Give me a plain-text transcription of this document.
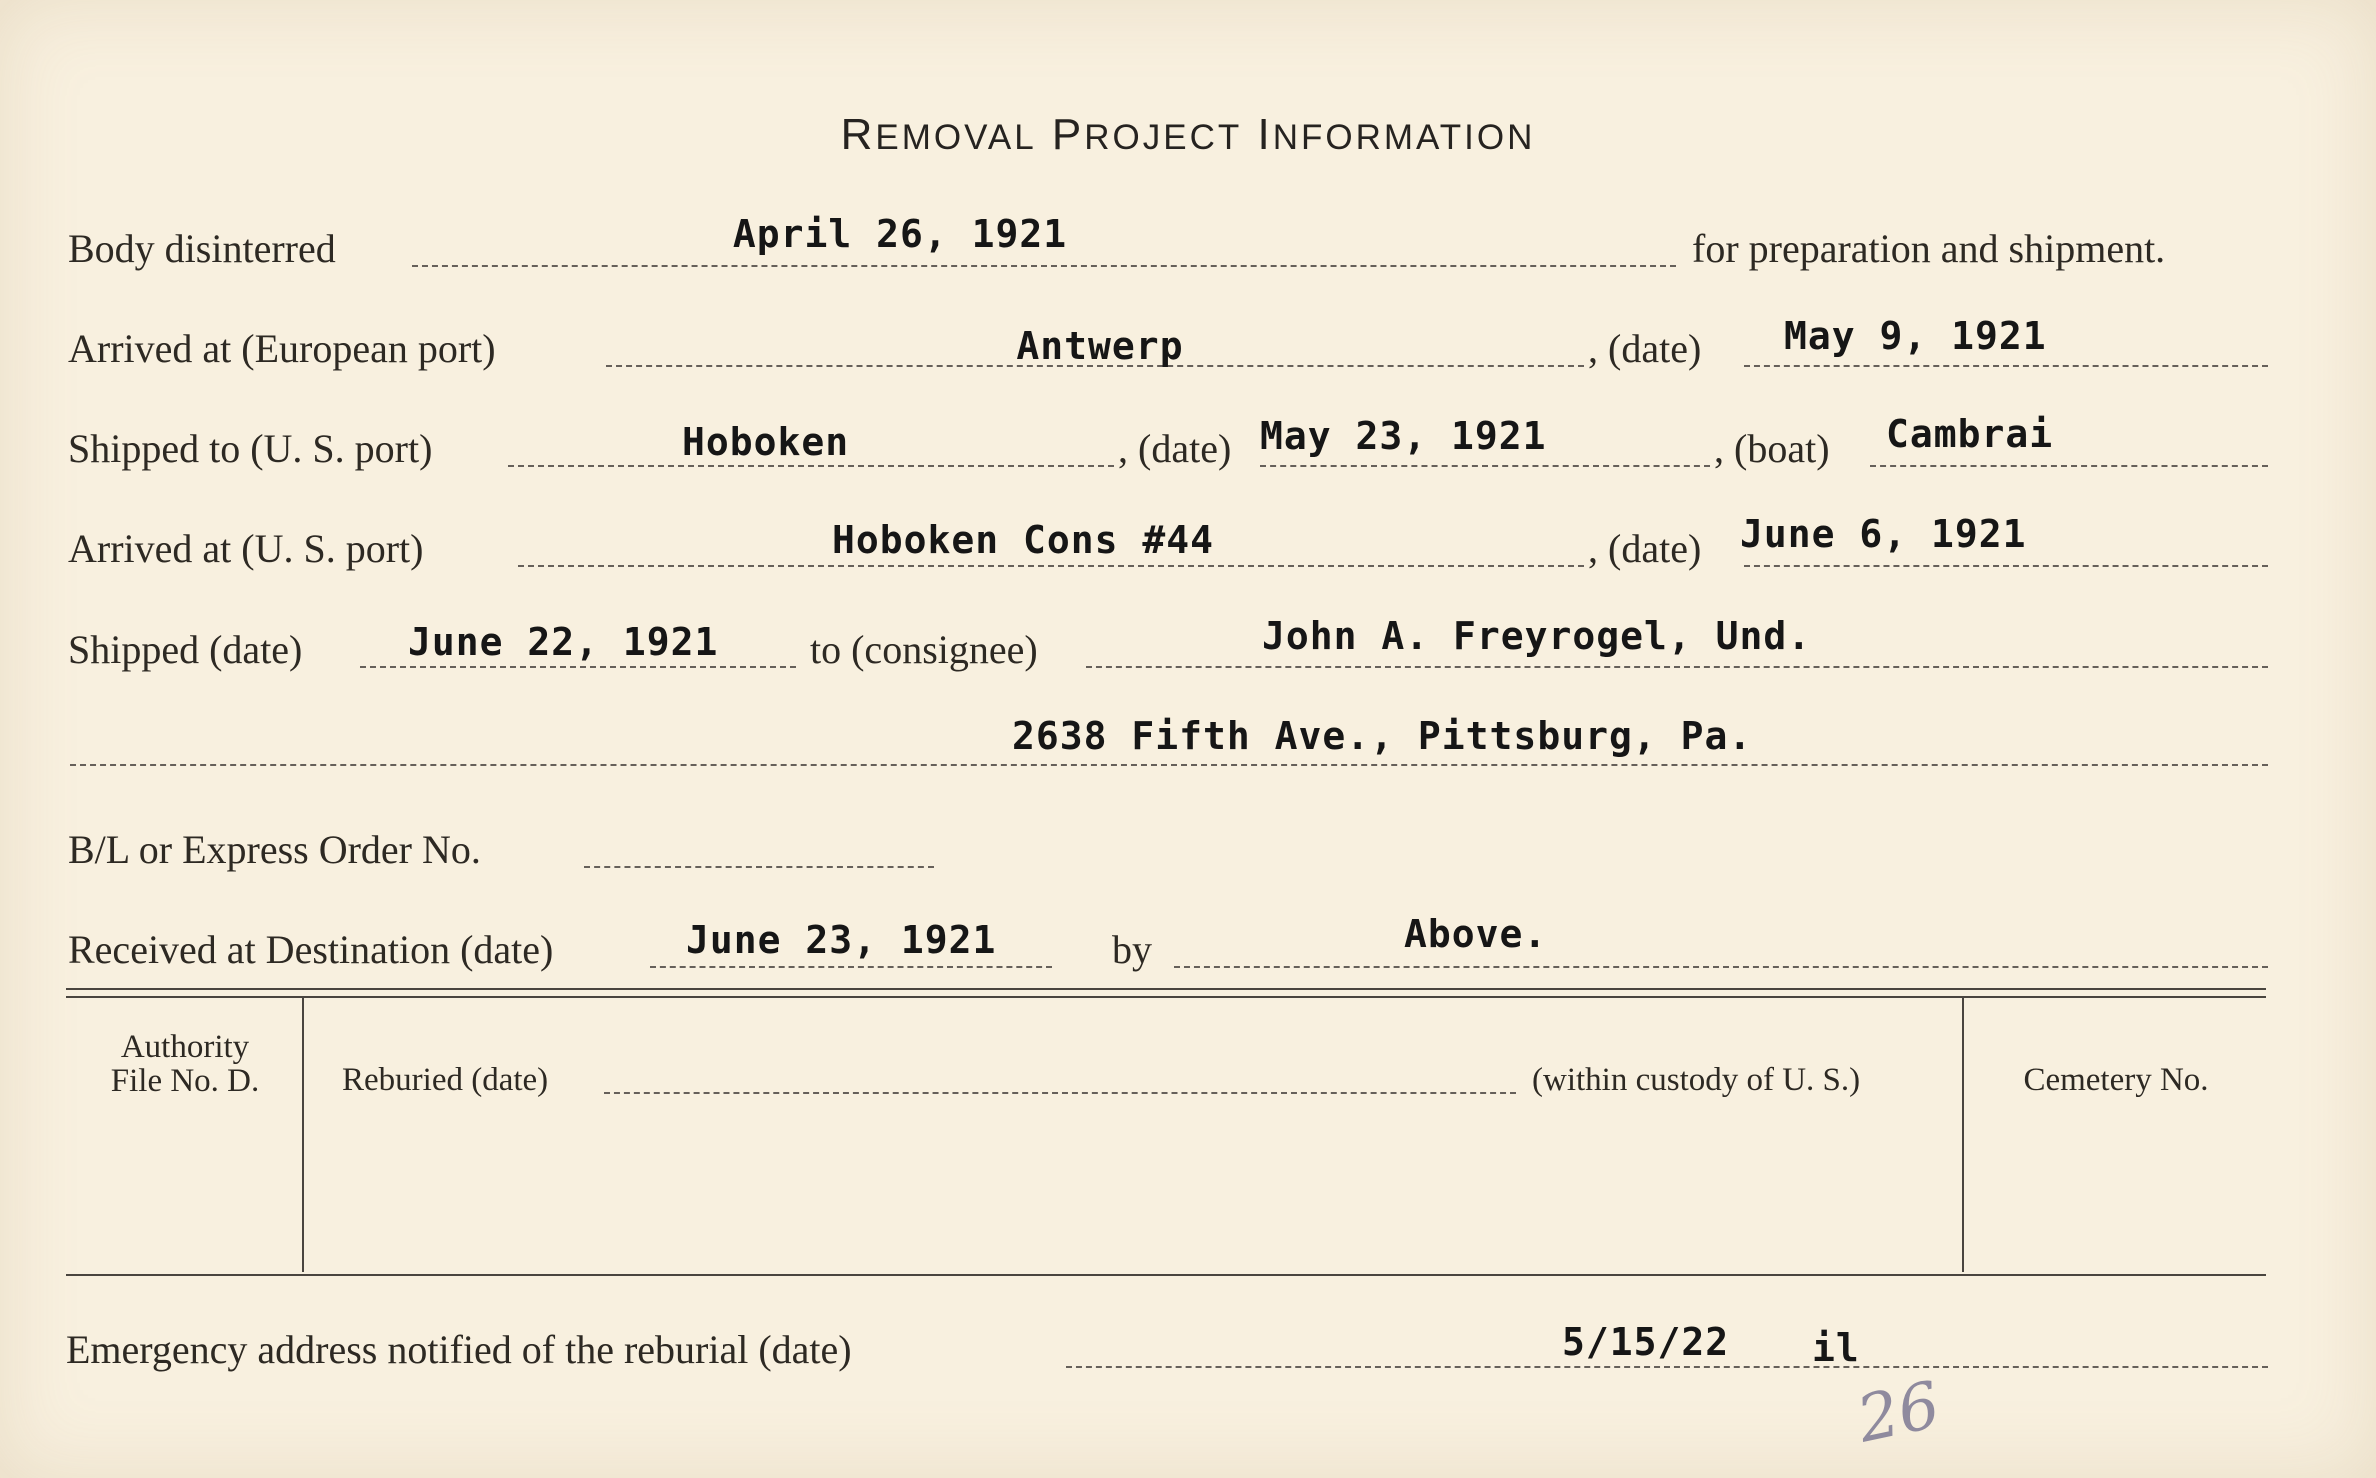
REMOVAL PROJECT INFORMATION
Body disinterred	April 26, 1921	for preparation and shipment.
Arrived at (European port)	Antwerp	, (date) May 9, 1921
Shipped to (U. S. port)	Hoboken	, (date) May 23, 1921	, (boat) Cambrai
Arrived at (U. S. port)	Hoboken Cons #44	, (date) June 6, 1921
Shipped (date)	June 22, 1921 to (consignee)	John A. Freyrogel, Und.
2638 Fifth Ave., Pittsburg, Pa.
B/L or Express Order No.
Received at Destination (date)	June 23, 1921	by	Above.
Authority
File No. D.	Reburied (date)	(within custody of U. S.)	Cemetery No.
Emergency address notified of the reburial (date)	5/15/22 il
26
